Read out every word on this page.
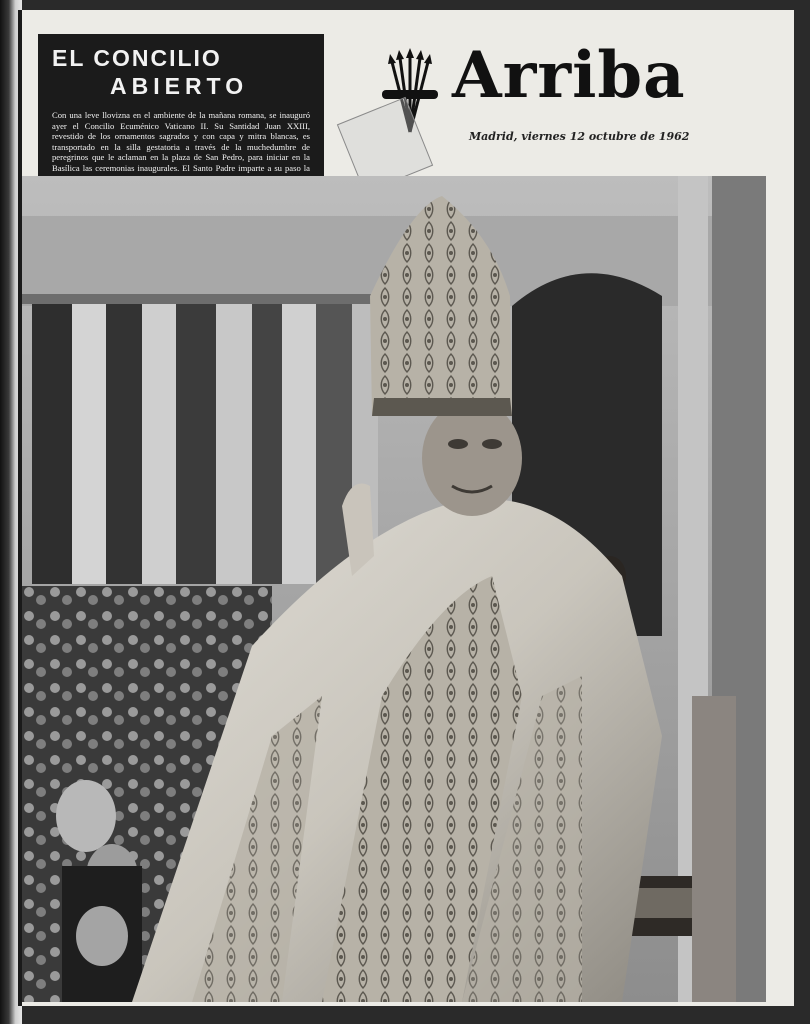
EL CONCILIO
ABIERTO

Con una leve llovizna en el ambiente de la mañana romana, se inauguró ayer el Concilio Ecuménico Vaticano II. Su Santidad Juan XXIII, revestido de los ornamentos sagrados y con capa y mitra blancas, es transportado en la silla gestatoria a través de la muchedumbre de peregrinos que le aclaman en la plaza de San Pedro, para iniciar en la Basílica las ceremonias inaugurales. El Santo Padre imparte a su paso la

Arriba
Madrid, viernes 12 octubre de 1962
